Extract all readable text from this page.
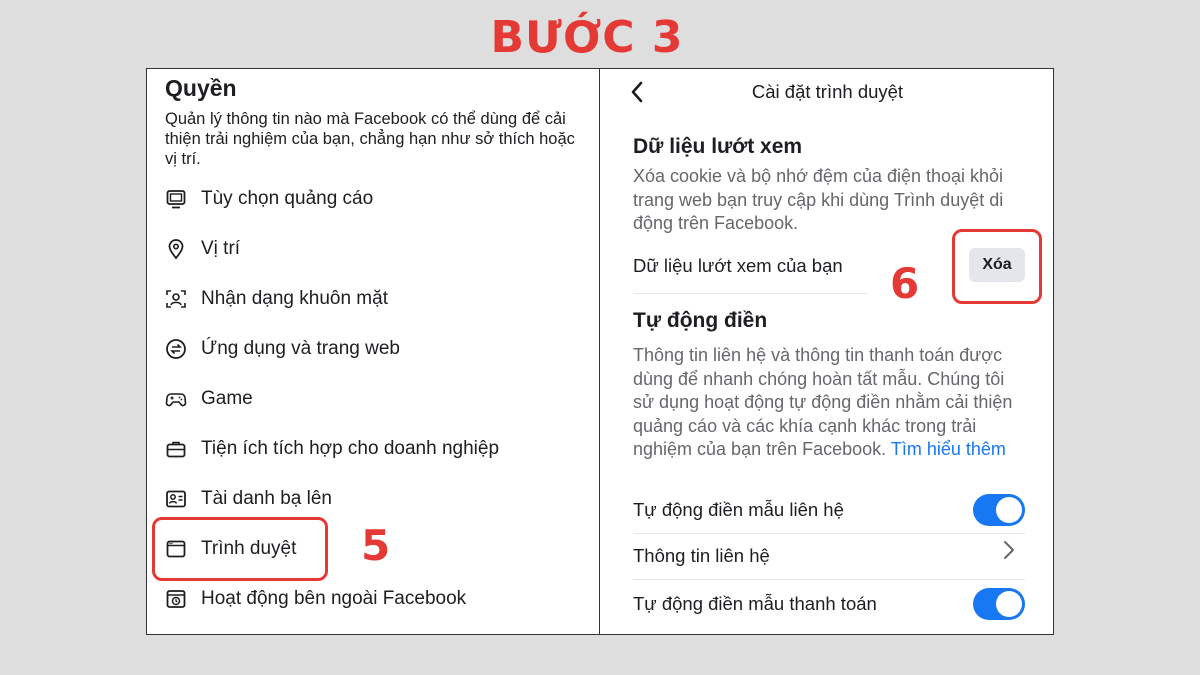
BƯỚC 3
Quyền
Quản lý thông tin nào mà Facebook có thể dùng để cải thiện trải nghiệm của bạn, chẳng hạn như sở thích hoặc vị trí.
Tùy chọn quảng cáo
Vị trí
Nhận dạng khuôn mặt
Ứng dụng và trang web
Game
Tiện ích tích hợp cho doanh nghiệp
Tài danh bạ lên
Trình duyệt
Hoạt động bên ngoài Facebook
5
Cài đặt trình duyệt
Dữ liệu lướt xem
Xóa cookie và bộ nhớ đệm của điện thoại khỏi trang web bạn truy cập khi dùng Trình duyệt di động trên Facebook.
Dữ liệu lướt xem của bạn	Xóa
6
Tự động điền
Thông tin liên hệ và thông tin thanh toán được dùng để nhanh chóng hoàn tất mẫu. Chúng tôi sử dụng hoạt động tự động điền nhằm cải thiện quảng cáo và các khía cạnh khác trong trải nghiệm của bạn trên Facebook. Tìm hiểu thêm
Tự động điền mẫu liên hệ
Thông tin liên hệ
Tự động điền mẫu thanh toán
